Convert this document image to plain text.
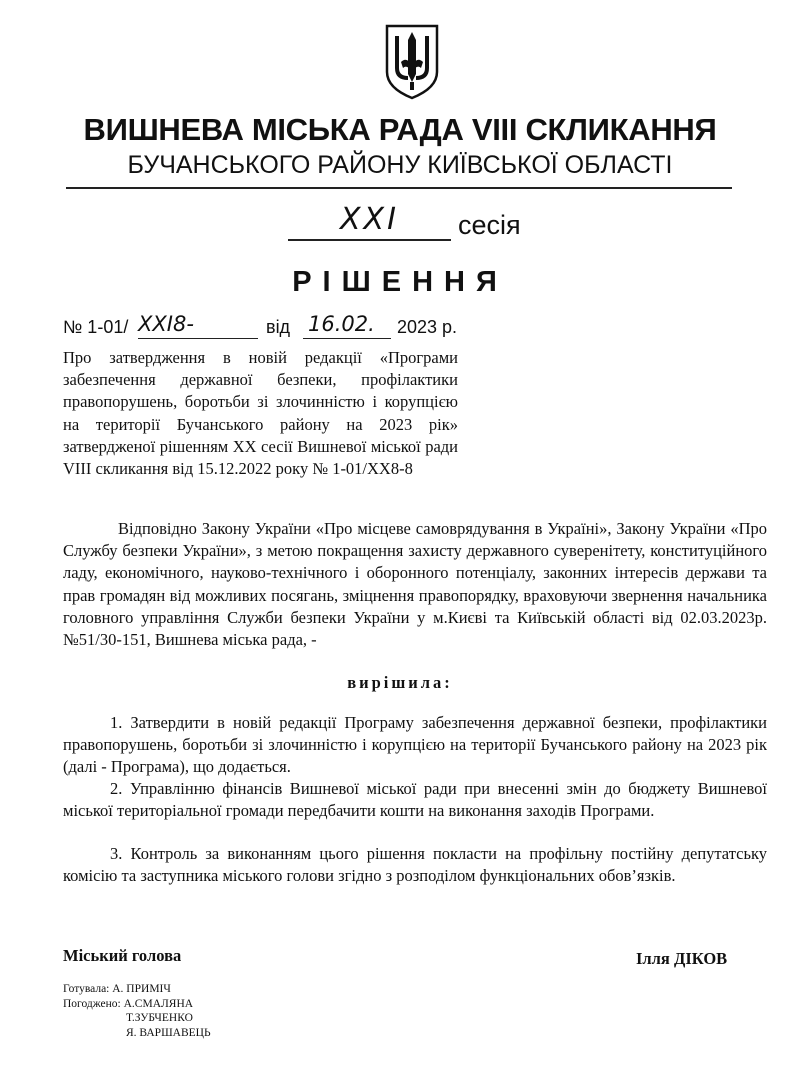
ВИШНЕВА МІСЬКА РАДА VIII СКЛИКАННЯ
БУЧАНСЬКОГО РАЙОНУ КИЇВСЬКОЇ ОБЛАСТІ
XXI сесія
РІШЕННЯ
№ 1-01/ XXI8-	від 16.02. 2023 р.
Про затвердження в новій редакції «Програми забезпечення державної безпеки, профілактики правопорушень, боротьби зі злочинністю і корупцією на території Бучанського району на 2023 рік» затвердженої рішенням ХХ сесії Вишневої міської ради VIII скликання від 15.12.2022 року № 1-01/ХХ8-8
Відповідно Закону України «Про місцеве самоврядування в Україні», Закону України «Про Службу безпеки України», з метою покращення захисту державного суверенітету, конституційного ладу, економічного, науково-технічного і оборонного потенціалу, законних інтересів держави та прав громадян від можливих посягань, зміцнення правопорядку, враховуючи звернення начальника головного управління Служби безпеки України у м.Києві та Київській області від 02.03.2023р. №51/30-151, Вишнева міська рада, -
вирішила:
1. Затвердити в новій редакції Програму забезпечення державної безпеки, профілактики правопорушень, боротьби зі злочинністю і корупцією на території Бучанського району на 2023 рік (далі - Програма), що додається.
2. Управлінню фінансів Вишневої міської ради при внесенні змін до бюджету Вишневої міської територіальної громади передбачити кошти на виконання заходів Програми.
3. Контроль за виконанням цього рішення покласти на профільну постійну депутатську комісію та заступника міського голови згідно з розподілом функціональних обов’язків.
Міський голова	Ілля ДІКОВ
Готувала: А. ПРИМІЧ
Погоджено: А.СМАЛЯНА
Т.ЗУБЧЕНКО
Я. ВАРШАВЕЦЬ
